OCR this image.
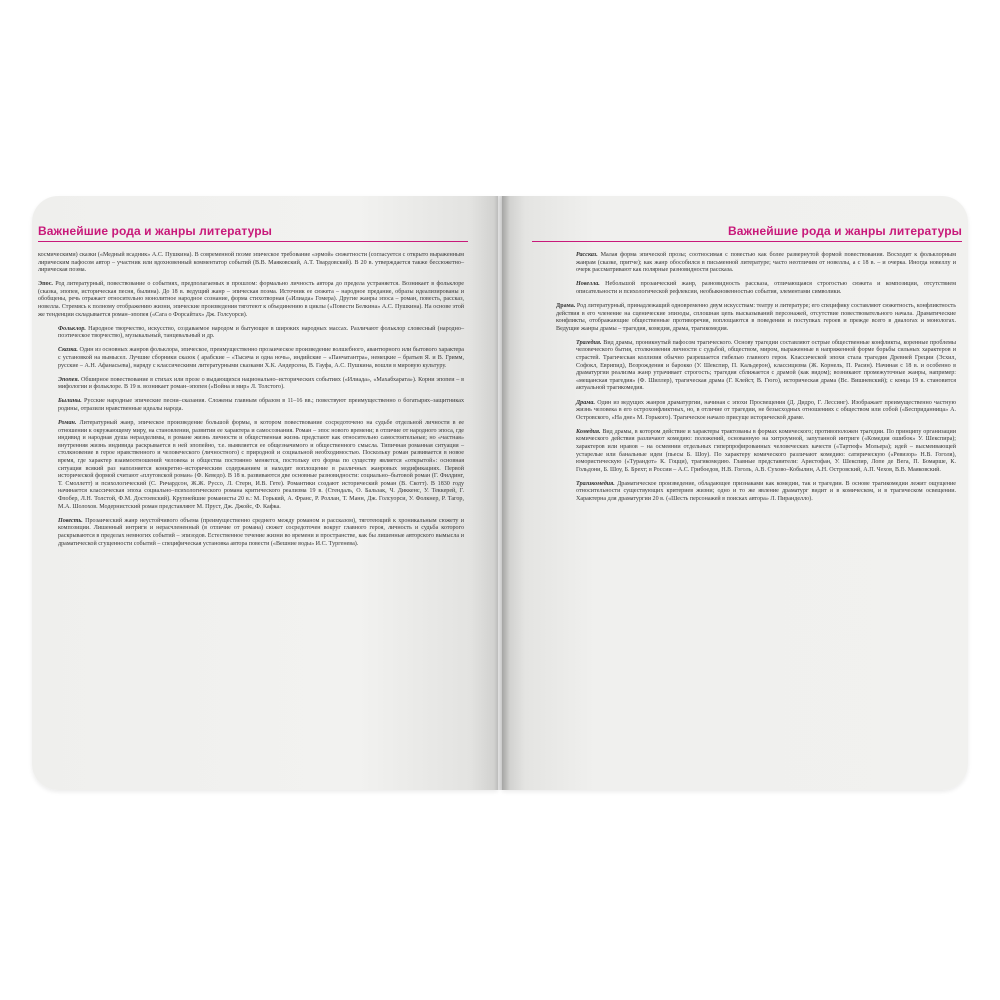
Важнейшие рода и жанры литературы
космическими) сказки («Медный всадник» А.С. Пушкина). В современной поэме эпическое требование «эрмой» сюжетности (согласуется с открыто выраженным лирическим пафосом автор – участник или вдохновенный комментатор событий (В.В. Маяковский, А.Т. Твардовский). В 20 в. утверждается также бессюжетно–лирическая поэма.
Эпос. Род литературный, повествование о событиях, предполагаемых в прошлом: формально личность автора до предела устраняется. Возникает в фольклоре (сказка, эпопея, историческая песня, былина). До 18 в. ведущий жанр – эпическая поэма. Источник ее сюжета – народное предание, образы идеализированы и обобщены, речь отражает относительно монолитное народное сознание, форма стихотворная («Илиада» Гомера). Другие жанры эпоса – роман, повесть, рассказ, новелла. Стремясь к полному отображению жизни, эпические произведения тяготеют к объединению в циклы («Повести Белкина» А.С. Пушкина). На основе этой же тенденции складывается роман–эпопея («Сага о Форсайтах» Дж. Голсуорси).
Фольклор. Народное творчество, искусство, создаваемое народом и бытующее в широких народных массах. Различают фольклор словесный (народно–поэтическое творчество), музыкальный, танцевальный и др.
Сказка. Один из основных жанров фольклора, эпическое, преимущественно прозаическое произведение волшебного, авантюрного или бытового характера с установкой на вымысел. Лучшие сборники сказок ( арабские – «Тысяча и одна ночь», индийские – «Панчатантра», немецкие – братьев Я. и В. Гримм, русские – А.Н. Афанасьева), наряду с классическими литературными сказками Х.К. Андерсена, В. Гауфа, А.С. Пушкина, вошли в мировую культуру.
Эпопея. Обширное повествование в стихах или прозе о выдающихся национально–исторических событиях («Илиада», «Махабхарата»). Корни эпопеи – в мифологии и фольклоре. В 19 в. возникает роман–эпопея («Война и мир» Л. Толстого).
Былины. Русские народные эпические песни–сказания. Сложены главным образом в 11–16 вв.; повествуют преимущественно о богатырях–защитниках родины, отразили нравственные идеалы народа.
Роман. Литературный жанр, эпическое произведение большой формы, в котором повествование сосредоточено на судьбе отдельной личности в ее отношении к окружающему миру, на становлении, развитии ее характера и самосознания. Роман – эпос нового времени; в отличие от народного эпоса, где индивид и народная душа неразделимы, в романе жизнь личности и общественная жизнь предстают как относительно самостоятельные; но «частная» внутренняя жизнь индивида раскрывается в ней эпопейно, т.е. выявляется ее общезначимого и общественного смысла. Типичная романная ситуация – столкновение в герое нравственного и человеческого (личностного) с природной и социальной необходимостью. Поскольку роман развивается в новое время, где характер взаимоотношений человека и общества постоянно меняется, постольку его форма по существу является «открытой»: основная ситуация всякий раз наполняется конкретно–историческим содержанием и находит воплощение в различных жанровых модификациях. Первой исторической формой считают «плутовской роман» (Ф. Кеведо). В 18 в. развиваются две основные разновидности: социально–бытовой роман (Г. Филдинг, Т. Смоллетт) и психологический (С. Ричардсон, Ж.Ж. Руссо, Л. Стерн, И.В. Гете). Романтики создают исторический роман (В. Скотт). В 1830 году начинается классическая эпоха социально–психологического романа критического реализма 19 в. (Стендаль, О. Бальзак, Ч. Диккенс, У. Теккерей, Г. Флобер, Л.Н. Толстой, Ф.М. Достоевский). Крупнейшие романисты 20 в.: М. Горький, А. Франс, Р. Роллан, Т. Манн, Дж. Голсуорси, У. Фолкнер, Р. Тагор, М.А. Шолохов. Модернистский роман представляют М. Пруст, Дж. Джойс, Ф. Кафка.
Повесть. Прозаический жанр неустойчивого объема (преимущественно среднего между романом и рассказом), тяготеющий к хроникальным сюжету и композиции. Лишенный интриги и нерасчлененный (в отличие от романа) сюжет сосредоточен вокруг главного героя, личность и судьба которого раскрываются в пределах немногих событий – эпизодов. Естественное течение жизни во времени и пространстве, как бы лишенные авторского вымысла и драматической сгущенности событий – специфическая установка автора повести («Вешние воды» И.С. Тургенева).
Важнейшие рода и жанры литературы
Рассказ. Малая форма эпической прозы; соотносимая с повестью как более развернутой формой повествования. Восходит к фольклорным жанрам (сказке, притче); как жанр обособился в письменной литературе; часто неотличим от новеллы, а с 18 в. – и очерка. Иногда новеллу и очерк рассматривают как полярные разновидности рассказа.
Новелла. Небольшой прозаический жанр, разновидность рассказа, отличающаяся строгостью сюжета и композиции, отсутствием описательности и психологической рефлексии, необыкновенностью события, элементами символики.
Драма. Род литературный, принадлежащий одновременно двум искусствам: театру и литературе; его специфику составляют сюжетность, конфликтность действия в его членение на сценические эпизоды, сплошная цепь высказываний персонажей, отсутствие повествовательного начала. Драматические конфликты, отображающие общественные противоречия, воплощаются в поведении и поступках героев и прежде всего в диалогах и монологах. Ведущие жанры драмы – трагедия, комедия, драма, трагикомедия.
Трагедия. Вид драмы, проникнутый пафосом трагического. Основу трагедии составляют острые общественные конфликты, коренные проблемы человеческого бытия, столкновения личности с судьбой, обществом, миром, выраженные в напряженной форме борьбы сильных характеров и страстей. Трагическая коллизия обычно разрешается гибелью главного героя. Классической эпохи стала трагедия Древней Греции (Эсхил, Софокл, Еврипид), Возрождения и барокко (У. Шекспир, П. Кальдерон), классицизма (Ж. Корнель, П. Расин). Начиная с 18 в. и особенно в драматургии реализма жанр утрачивает строгость; трагедия сближается с драмой (как видом); возникают промежуточные жанры, например: «мещанская трагедия» (Ф. Шиллер), трагическая драма (Г. Клейст, В. Гюго), историческая драма (Вс. Вишневский); с конца 19 в. становится актуальной трагикомедия.
Драма. Один из ведущих жанров драматургии, начиная с эпохи Просвещения (Д. Дидро, Г. Лессинг). Изображает преимущественно частную жизнь человека в его острохонфликтных, но, в отличие от трагедии, не безысходных отношениях с обществом или собой («Бесприданница» А. Островского, «На дне» М. Горького). Трагическое начало присуще исторической драме.
Комедия. Вид драмы, в котором действие и характеры трактованы в формах комического; противоположен трагедии. По принципу организации комического действия различают комедию: положений, основанную на хитроумной, запутанной интриге («Комедия ошибок» У. Шекспира); характеров или нравов – на осмеянии отдельных гиперпрофированных человеческих качеств («Тартюф» Мольера); идей – высмеивающей устарелые или банальные идеи (пьесы Б. Шоу). По характеру комического различают комедию: сатирическую («Ревизор» Н.В. Гоголя), юмористическую («Турандот» К. Гоцци), трагикомедию. Главные представители: Аристофан, У. Шекспир, Лопе де Вега, П. Бомарше, К. Гольдони, Б. Шоу, Б. Брехт; в России – А.С. Грибоедов, Н.В. Гоголь, А.В. Сухово–Кобылин, А.Н. Островский, А.П. Чехов, В.В. Маяковский.
Трагикомедия. Драматическое произведение, обладающее признаками как комедии, так и трагедии. В основе трагикомедии лежит ощущение относительности существующих критериев жизни; одно и то же явление драматург видит и в комическом, и в трагическом освещении. Характерна для драматургии 20 в. («Шесть персонажей в поисках автора» Л. Пиранделло).
